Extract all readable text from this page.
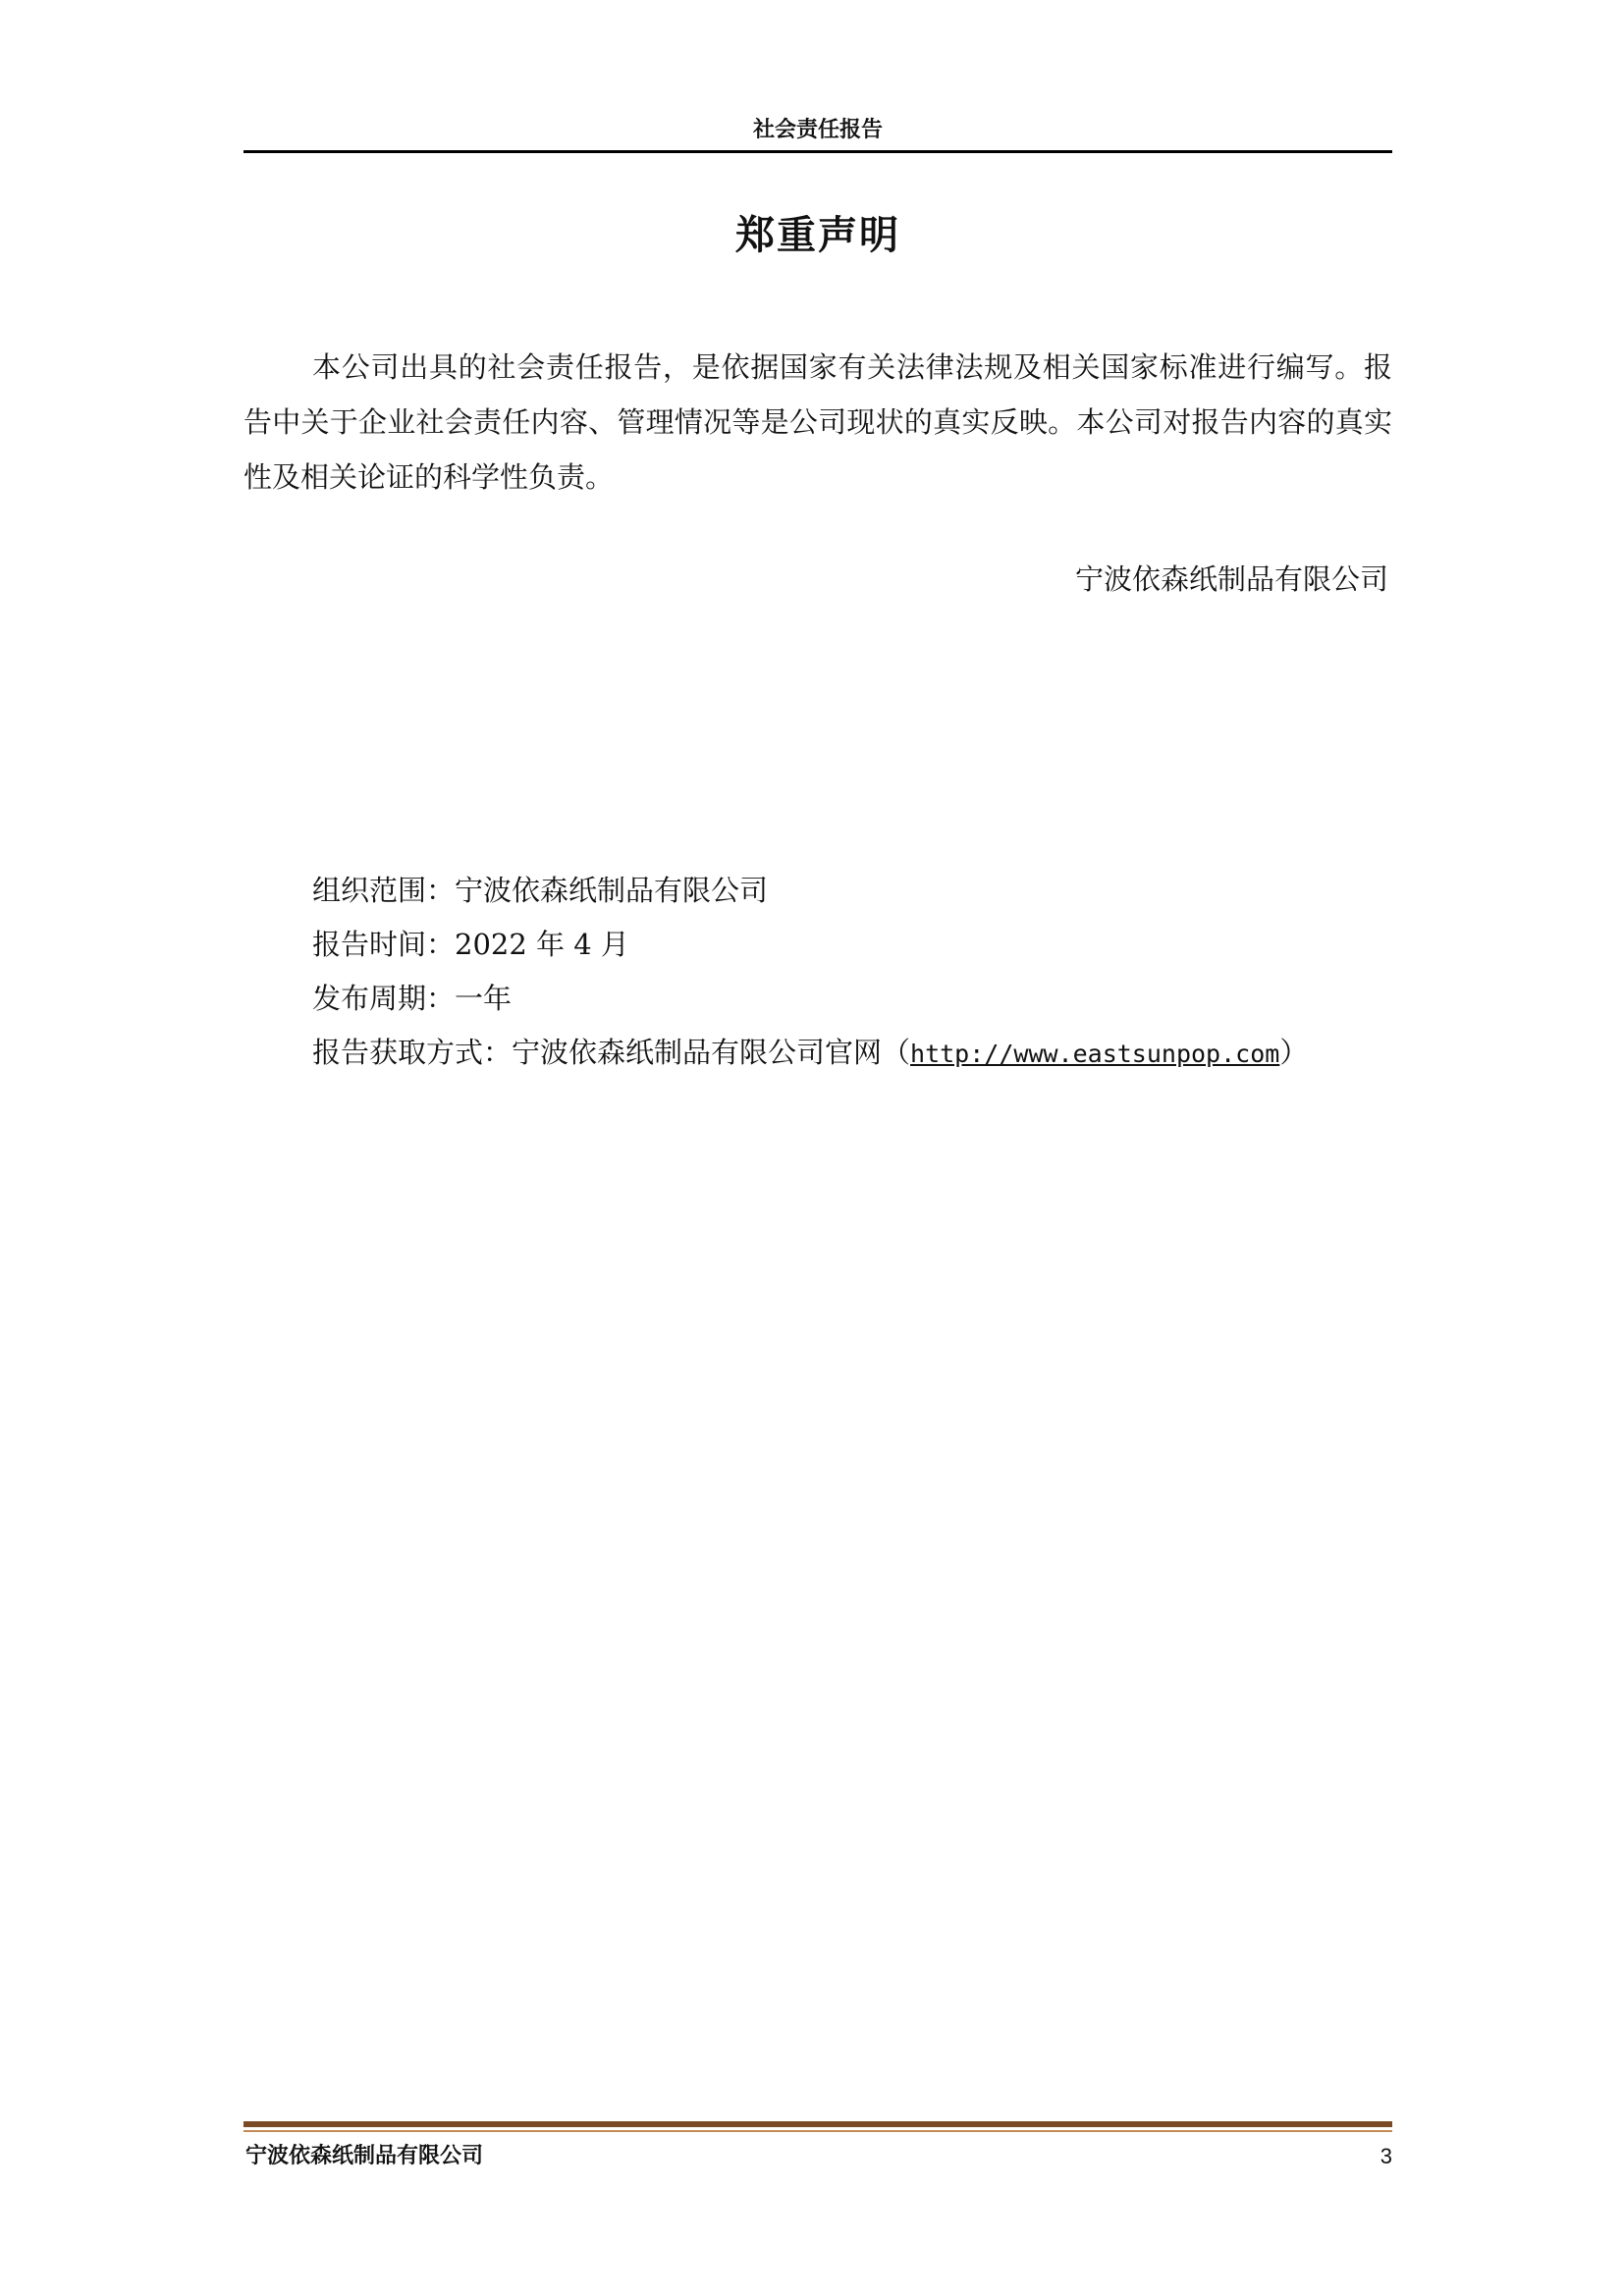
社会责任报告
郑重声明

本公司出具的社会责任报告，是依据国家有关法律法规及相关国家标准进行编写。报告中关于企业社会责任内容、管理情况等是公司现状的真实反映。本公司对报告内容的真实性及相关论证的科学性负责。

宁波依森纸制品有限公司
组织范围：宁波依森纸制品有限公司
报告时间：2022 年 4 月
发布周期：一年
报告获取方式：宁波依森纸制品有限公司官网（http://www.eastsunpop.com）
宁波依森纸制品有限公司	3
